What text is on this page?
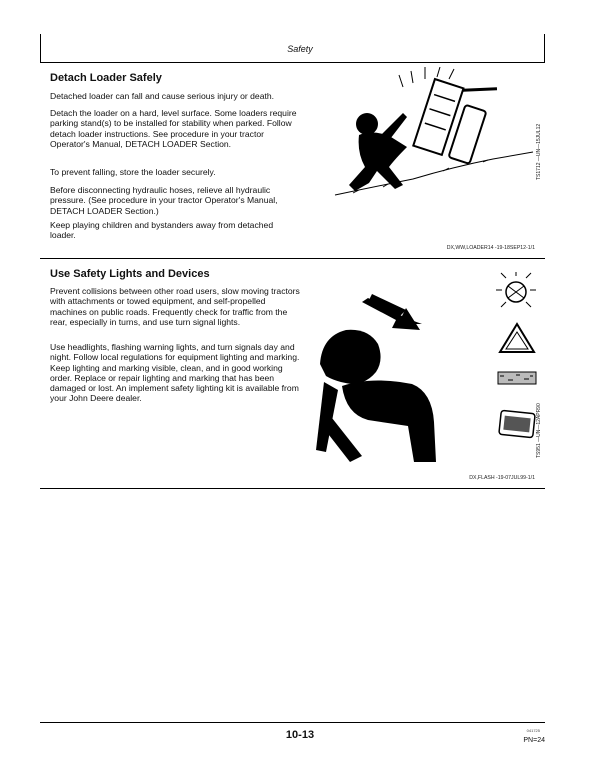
Safety
Detach Loader Safely

Detached loader can fall and cause serious injury or death.

Detach the loader on a hard, level surface. Some loaders require parking stand(s) to be installed for stability when parked. Follow detach loader instructions. See procedure in your tractor Operator's Manual, DETACH LOADER Section.

To prevent falling, store the loader securely.

Before disconnecting hydraulic hoses, relieve all hydraulic pressure. (See procedure in your tractor Operator's Manual, DETACH LOADER Section.)

Keep playing children and bystanders away from detached loader.

TS1712 —UN—15JUL12
DX,WW,LOADER14 -19-18SEP12-1/1
Use Safety Lights and Devices

Prevent collisions between other road users, slow moving tractors with attachments or towed equipment, and self-propelled machines on public roads. Frequently check for traffic from the rear, especially in turns, and use turn signal lights.

Use headlights, flashing warning lights, and turn signals day and night. Follow local regulations for equipment lighting and marking. Keep lighting and marking visible, clean, and in good working order. Replace or repair lighting and marking that has been damaged or lost. An implement safety lighting kit is available from your John Deere dealer.

TS951 —UN—12APR90
DX,FLASH -19-07JUL99-1/1
10-13	041725
PN=24
